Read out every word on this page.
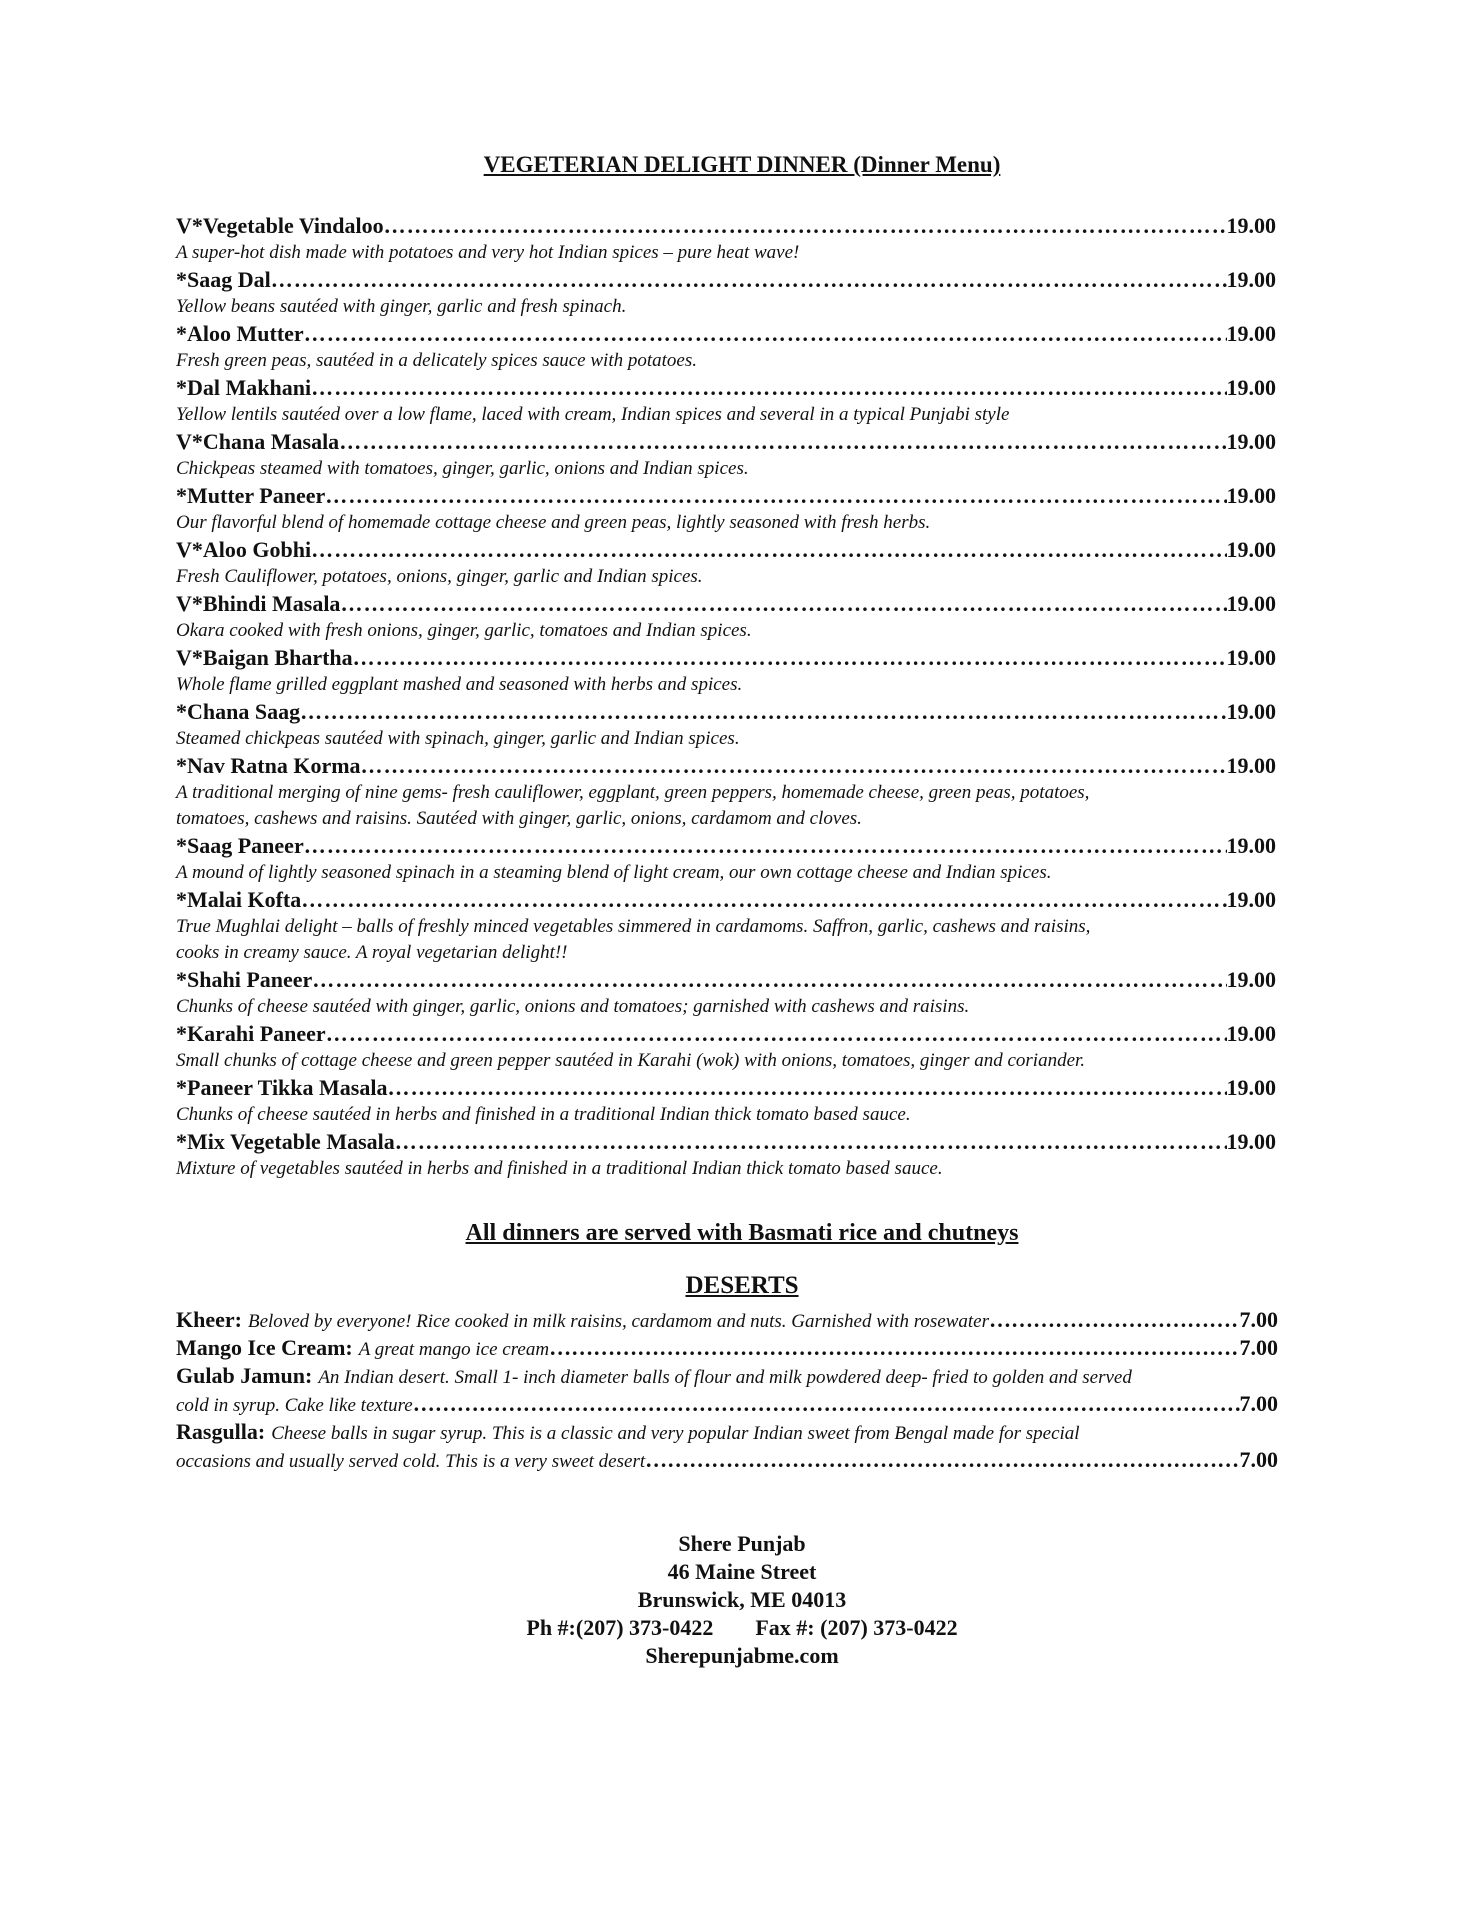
VEGETERIAN DELIGHT DINNER (Dinner Menu)
V*Vegetable Vindaloo ……………………………………………………………………………………………………………………………………………………………………………………	19.00
A super-hot dish made with potatoes and very hot Indian spices – pure heat wave!
*Saag Dal ……………………………………………………………………………………………………………………………………………………………………………………	19.00
Yellow beans sautéed with ginger, garlic and fresh spinach.
*Aloo Mutter ……………………………………………………………………………………………………………………………………………………………………………………	19.00
Fresh green peas, sautéed in a delicately spices sauce with potatoes.
*Dal Makhani ……………………………………………………………………………………………………………………………………………………………………………………	19.00
Yellow lentils sautéed over a low flame, laced with cream, Indian spices and several in a typical Punjabi style
V*Chana Masala ……………………………………………………………………………………………………………………………………………………………………………………	19.00
Chickpeas steamed with tomatoes, ginger, garlic, onions and Indian spices.
*Mutter Paneer ……………………………………………………………………………………………………………………………………………………………………………………	19.00
Our flavorful blend of homemade cottage cheese and green peas, lightly seasoned with fresh herbs.
V*Aloo Gobhi ……………………………………………………………………………………………………………………………………………………………………………………	19.00
Fresh Cauliflower, potatoes, onions, ginger, garlic and Indian spices.
V*Bhindi Masala ……………………………………………………………………………………………………………………………………………………………………………………	19.00
Okara cooked with fresh onions, ginger, garlic, tomatoes and Indian spices.
V*Baigan Bhartha ……………………………………………………………………………………………………………………………………………………………………………………	19.00
Whole flame grilled eggplant mashed and seasoned with herbs and spices.
*Chana Saag ……………………………………………………………………………………………………………………………………………………………………………………	19.00
Steamed chickpeas sautéed with spinach, ginger, garlic and Indian spices.
*Nav Ratna Korma ……………………………………………………………………………………………………………………………………………………………………………………	19.00
A traditional merging of nine gems- fresh cauliflower, eggplant, green peppers, homemade cheese, green peas, potatoes,
tomatoes, cashews and raisins. Sautéed with ginger, garlic, onions, cardamom and cloves.
*Saag Paneer ……………………………………………………………………………………………………………………………………………………………………………………	19.00
A mound of lightly seasoned spinach in a steaming blend of light cream, our own cottage cheese and Indian spices.
*Malai Kofta ……………………………………………………………………………………………………………………………………………………………………………………	19.00
True Mughlai delight – balls of freshly minced vegetables simmered in cardamoms. Saffron, garlic, cashews and raisins,
cooks in creamy sauce. A royal vegetarian delight!!
*Shahi Paneer ……………………………………………………………………………………………………………………………………………………………………………………	19.00
Chunks of cheese sautéed with ginger, garlic, onions and tomatoes; garnished with cashews and raisins.
*Karahi Paneer ……………………………………………………………………………………………………………………………………………………………………………………	19.00
Small chunks of cottage cheese and green pepper sautéed in Karahi (wok) with onions, tomatoes, ginger and coriander.
*Paneer Tikka Masala ……………………………………………………………………………………………………………………………………………………………………………………	19.00
Chunks of cheese sautéed in herbs and finished in a traditional Indian thick tomato based sauce.
*Mix Vegetable Masala ……………………………………………………………………………………………………………………………………………………………………………………	19.00
Mixture of vegetables sautéed in herbs and finished in a traditional Indian thick tomato based sauce.
All dinners are served with Basmati rice and chutneys
DESERTS
Kheer: Beloved by everyone! Rice cooked in milk raisins, cardamom and nuts. Garnished with rosewater ……………………………………………………………………………………………………………………………………………………………………………………	7.00
Mango Ice Cream: A great mango ice cream ……………………………………………………………………………………………………………………………………………………………………………………	7.00
Gulab Jamun: An Indian desert. Small 1- inch diameter balls of flour and milk powdered deep- fried to golden and served
cold in syrup. Cake like texture ……………………………………………………………………………………………………………………………………………………………………………………	7.00
Rasgulla: Cheese balls in sugar syrup. This is a classic and very popular Indian sweet from Bengal made for special
occasions and usually served cold. This is a very sweet desert ……………………………………………………………………………………………………………………………………………………………………………………	7.00
Shere Punjab
46 Maine Street
Brunswick, ME 04013
Ph #:(207) 373-0422 Fax #: (207) 373-0422
Sherepunjabme.com
